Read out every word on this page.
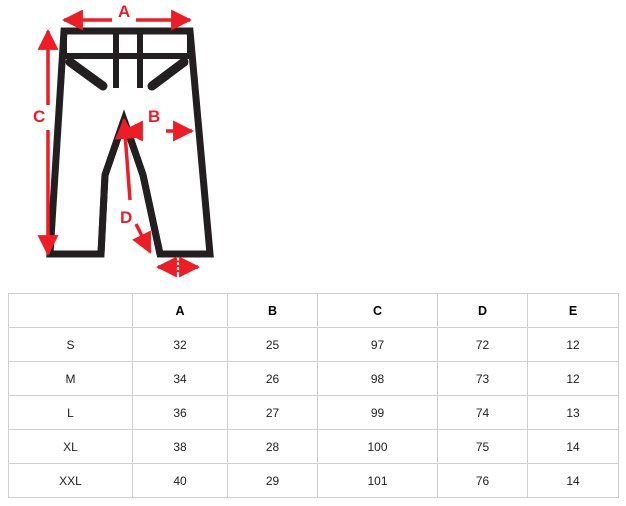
A
B
C
D
E
	A	B	C	D	E
S	32	25	97	72	12
M	34	26	98	73	12
L	36	27	99	74	13
XL	38	28	100	75	14
XXL	40	29	101	76	14
